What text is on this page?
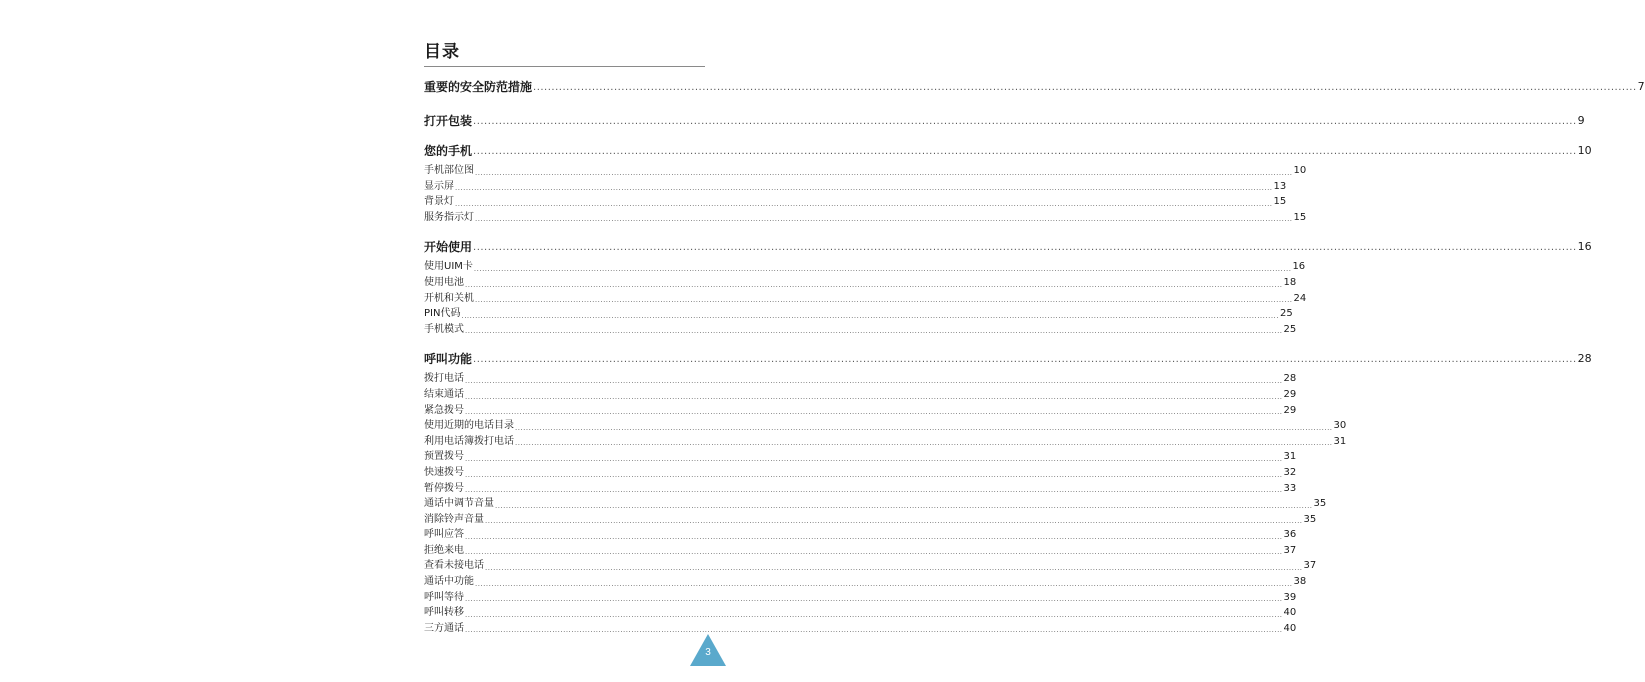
目录
重要的安全防范措施 ............................................................................................................................................................................................................................................................................................................ 7
打开包装 ............................................................................................................................................................................................................................................................................................................ 9
您的手机 ............................................................................................................................................................................................................................................................................................................ 10
手机部位图 ............................................................................................................................................................................................................................................................................................................ 10
显示屏 ............................................................................................................................................................................................................................................................................................................ 13
背景灯 ............................................................................................................................................................................................................................................................................................................ 15
服务指示灯 ............................................................................................................................................................................................................................................................................................................ 15
开始使用 ............................................................................................................................................................................................................................................................................................................ 16
使用UIM卡 ............................................................................................................................................................................................................................................................................................................ 16
使用电池 ............................................................................................................................................................................................................................................................................................................ 18
开机和关机 ............................................................................................................................................................................................................................................................................................................ 24
PIN代码 ............................................................................................................................................................................................................................................................................................................ 25
手机模式 ............................................................................................................................................................................................................................................................................................................ 25
呼叫功能 ............................................................................................................................................................................................................................................................................................................ 28
拨打电话 ............................................................................................................................................................................................................................................................................................................ 28
结束通话 ............................................................................................................................................................................................................................................................................................................ 29
紧急拨号 ............................................................................................................................................................................................................................................................................................................ 29
使用近期的电话目录 ............................................................................................................................................................................................................................................................................................................ 30
利用电话簿拨打电话 ............................................................................................................................................................................................................................................................................................................ 31
预置拨号 ............................................................................................................................................................................................................................................................................................................ 31
快速拨号 ............................................................................................................................................................................................................................................................................................................ 32
暂停拨号 ............................................................................................................................................................................................................................................................................................................ 33
通话中调节音量 ............................................................................................................................................................................................................................................................................................................ 35
消除铃声音量 ............................................................................................................................................................................................................................................................................................................ 35
呼叫应答 ............................................................................................................................................................................................................................................................................................................ 36
拒绝来电 ............................................................................................................................................................................................................................................................................................................ 37
查看未接电话 ............................................................................................................................................................................................................................................................................................................ 37
通话中功能 ............................................................................................................................................................................................................................................................................................................ 38
呼叫等待 ............................................................................................................................................................................................................................................................................................................ 39
呼叫转移 ............................................................................................................................................................................................................................................................................................................ 40
三方通话 ............................................................................................................................................................................................................................................................................................................ 40
3
